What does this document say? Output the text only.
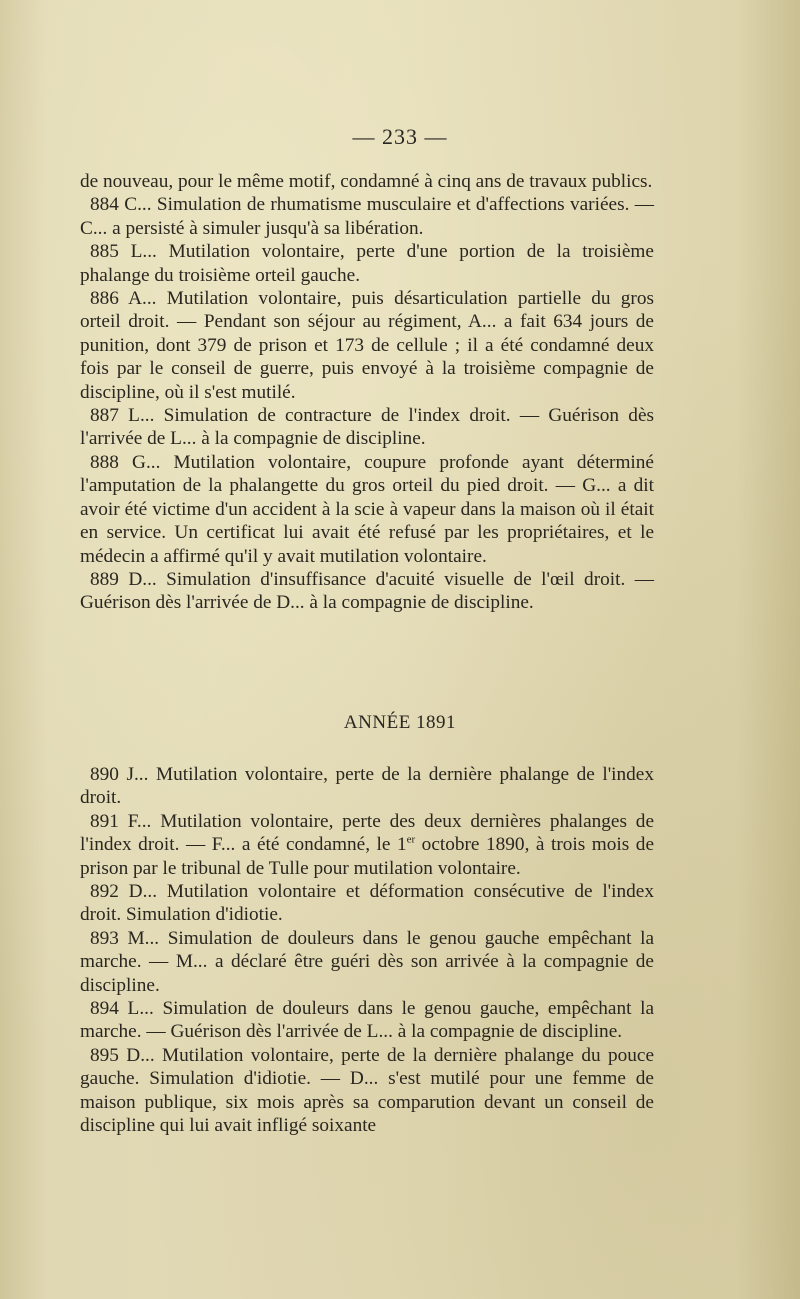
— 233 —

de nouveau, pour le même motif, condamné à cinq ans de travaux publics.

884 C... Simulation de rhumatisme musculaire et d'affections variées. — C... a persisté à simuler jusqu'à sa libération.

885 L... Mutilation volontaire, perte d'une portion de la troisième phalange du troisième orteil gauche.

886 A... Mutilation volontaire, puis désarticulation partielle du gros orteil droit. — Pendant son séjour au régiment, A... a fait 634 jours de punition, dont 379 de prison et 173 de cellule ; il a été condamné deux fois par le conseil de guerre, puis envoyé à la troisième compagnie de discipline, où il s'est mutilé.

887 L... Simulation de contracture de l'index droit. — Guérison dès l'arrivée de L... à la compagnie de discipline.

888 G... Mutilation volontaire, coupure profonde ayant déterminé l'amputation de la phalangette du gros orteil du pied droit. — G... a dit avoir été victime d'un accident à la scie à vapeur dans la maison où il était en service. Un certificat lui avait été refusé par les propriétaires, et le médecin a affirmé qu'il y avait mutilation volontaire.

889 D... Simulation d'insuffisance d'acuité visuelle de l'œil droit. — Guérison dès l'arrivée de D... à la compagnie de discipline.

ANNÉE 1891

890 J... Mutilation volontaire, perte de la dernière phalange de l'index droit.

891 F... Mutilation volontaire, perte des deux dernières phalanges de l'index droit. — F... a été condamné, le 1er octobre 1890, à trois mois de prison par le tribunal de Tulle pour mutilation volontaire.

892 D... Mutilation volontaire et déformation consécutive de l'index droit. Simulation d'idiotie.

893 M... Simulation de douleurs dans le genou gauche empêchant la marche. — M... a déclaré être guéri dès son arrivée à la compagnie de discipline.

894 L... Simulation de douleurs dans le genou gauche, empêchant la marche. — Guérison dès l'arrivée de L... à la compagnie de discipline.

895 D... Mutilation volontaire, perte de la dernière phalange du pouce gauche. Simulation d'idiotie. — D... s'est mutilé pour une femme de maison publique, six mois après sa comparution devant un conseil de discipline qui lui avait infligé soixante
